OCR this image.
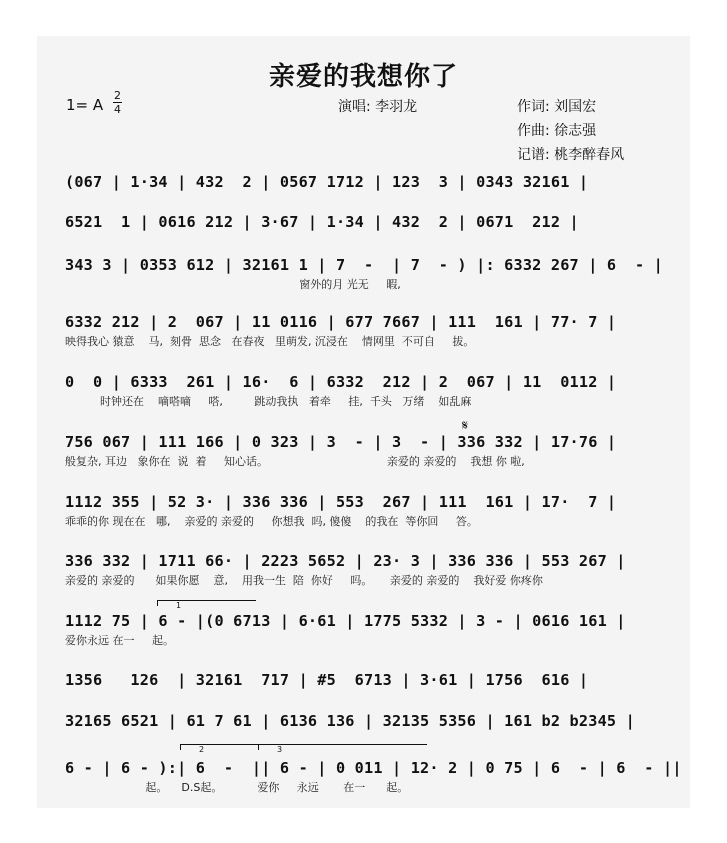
亲爱的我想你了
1= A
2
4	演唱: 李羽龙	作词: 刘国宏
作曲: 徐志强
记谱: 桃李醉春风
(067 | 1·34 | 432  2 | 0567 1712 | 123  3 | 0343 32161 |
6521  1 | 0616 212 | 3·67 | 1·34 | 432  2 | 0671  212 |
343 3 | 0353 612 | 32161 1 | 7  -  | 7  - ) |: 6332 267 | 6  - |
窗外的月 光无     暇,
6332 212 | 2  067 | 11 0116 | 677 7667 | 111  161 | 77· 7 |
映得我心 猿意    马,  刻骨  思念   在春夜   里萌发, 沉浸在    情网里  不可自     拔。
0  0 | 6333  261 | 16·  6 | 6332  212 | 2  067 | 11  0112 |
时钟还在    嘀嗒嘀     嗒,         跳动我执   着牵     挂,  千头   万绪    如乱麻
756 067 | 111 166 | 0 323 | 3  - | 3  - | 336 332 | 17·76 |
般复杂, 耳边   象你在  说  着     知心话。                                  亲爱的 亲爱的    我想 你 啦,
1112 355 | 52 3· | 336 336 | 553  267 | 111  161 | 17·  7 |
乖乖的你 现在在   哪,    亲爱的 亲爱的     你想我  吗, 傻傻    的我在  等你回     答。
336 332 | 1711 66· | 2223 5652 | 23· 3 | 336 336 | 553 267 |
亲爱的 亲爱的      如果你愿    意,    用我一生  陪  你好     吗。     亲爱的 亲爱的    我好爱 你疼你
1
1112 75 | 6 - |(0 6713 | 6·61 | 1775 5332 | 3 - | 0616 161 |
爱你永远 在一     起。
1356   126  | 32161  717 | #5  6713 | 3·61 | 1756  616 |
32165 6521 | 61 7 61 | 6136 136 | 32135 5356 | 161 b2 b2345 |
2	3
6 - | 6 - ):| 6  -  || 6 - | 0 011 | 12· 2 | 0 75 | 6  - | 6  - ||
起。    D.S起。          爱你     永远       在一      起。
𝄋
